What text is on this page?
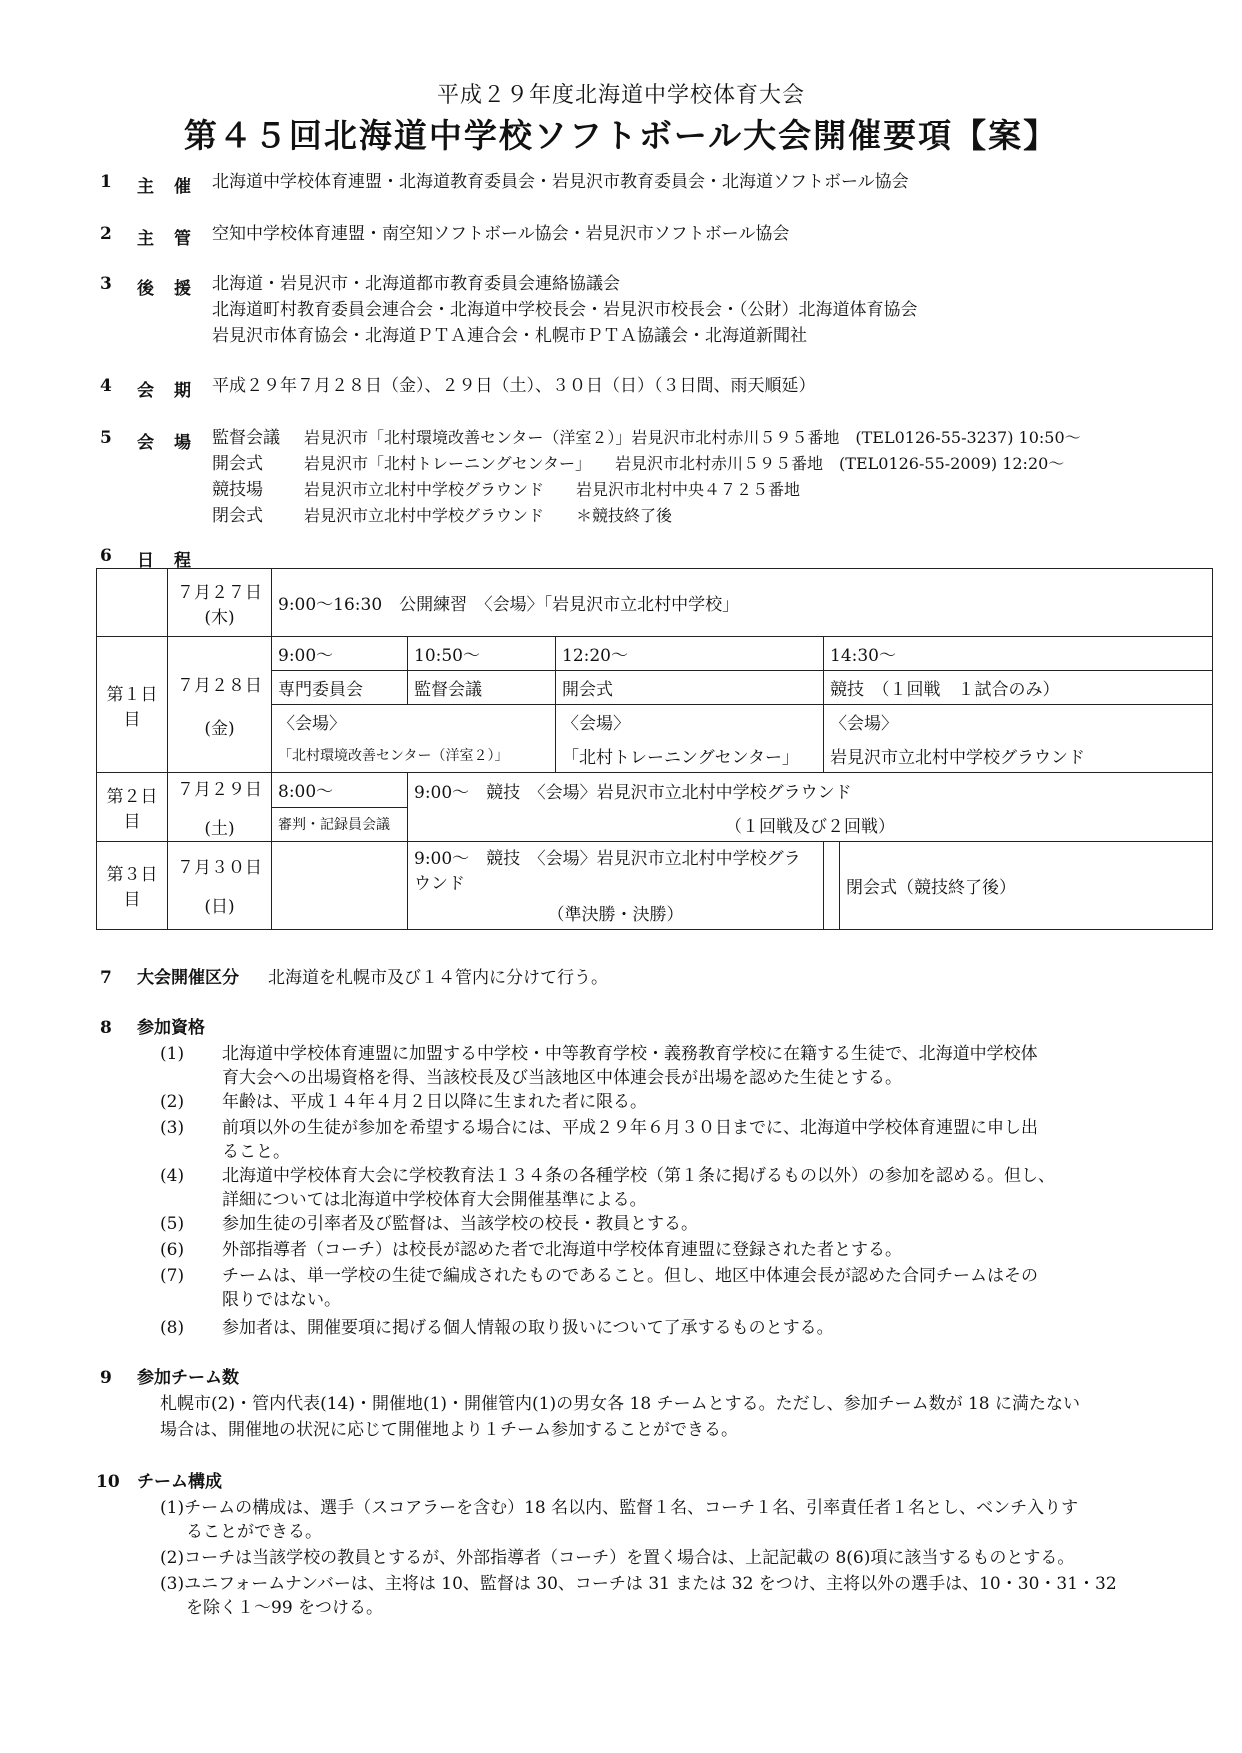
平成２９年度北海道中学校体育大会
第４５回北海道中学校ソフトボール大会開催要項【案】
1 主催 北海道中学校体育連盟・北海道教育委員会・岩見沢市教育委員会・北海道ソフトボール協会
2 主管 空知中学校体育連盟・南空知ソフトボール協会・岩見沢市ソフトボール協会
3 後援 北海道・岩見沢市・北海道都市教育委員会連絡協議会
北海道町村教育委員会連合会・北海道中学校長会・岩見沢市校長会・（公財）北海道体育協会
岩見沢市体育協会・北海道ＰＴＡ連合会・札幌市ＰＴＡ協議会・北海道新聞社
4 会期 平成２９年７月２８日（金）、２９日（土）、３０日（日）（３日間、雨天順延）
5 会場 監督会議 岩見沢市「北村環境改善センター（洋室２）」岩見沢市北村赤川５９５番地　(TEL0126-55-3237) 10:50～
開会式	岩見沢市「北村トレーニングセンター」　　岩見沢市北村赤川５９５番地　(TEL0126-55-2009) 12:20～
競技場	岩見沢市立北村中学校グラウンド　　岩見沢市北村中央４７２５番地
閉会式	岩見沢市立北村中学校グラウンド　　＊競技終了後
6 日程

	７月２７日
(木)	9:00～16:30　公開練習　〈会場〉「岩見沢市立北村中学校」				
第１日目	７月２８日
(金)	9:00～	10:50～	12:20～	14:30～	
		専門委員会	監督会議	開会式	競技　（１回戦　１試合のみ）	
		〈会場〉		〈会場〉	〈会場〉	
		「北村環境改善センター（洋室２）」		「北村トレーニングセンター」	岩見沢市立北村中学校グラウンド	
第２日目	７月２９日
(土)	8:00～	9:00～　競技　〈会場〉岩見沢市立北村中学校グラウンド			
		審判・記録員会議	（１回戦及び２回戦）			
第３日目	７月３０日
(日)		9:00～　競技　〈会場〉岩見沢市立北村中学校グラウンド			閉会式（競技終了後）
			（準決勝・決勝）			
7 大会開催区分 北海道を札幌市及び１４管内に分けて行う。
8 参加資格
(1) 北海道中学校体育連盟に加盟する中学校・中等教育学校・義務教育学校に在籍する生徒で、北海道中学校体
育大会への出場資格を得、当該校長及び当該地区中体連会長が出場を認めた生徒とする。
(2) 年齢は、平成１４年４月２日以降に生まれた者に限る。
(3) 前項以外の生徒が参加を希望する場合には、平成２９年６月３０日までに、北海道中学校体育連盟に申し出
ること。
(4) 北海道中学校体育大会に学校教育法１３４条の各種学校（第１条に掲げるもの以外）の参加を認める。但し、
詳細については北海道中学校体育大会開催基準による。
(5) 参加生徒の引率者及び監督は、当該学校の校長・教員とする。
(6) 外部指導者（コーチ）は校長が認めた者で北海道中学校体育連盟に登録された者とする。
(7) チームは、単一学校の生徒で編成されたものであること。但し、地区中体連会長が認めた合同チームはその
限りではない。
(8) 参加者は、開催要項に掲げる個人情報の取り扱いについて了承するものとする。
9 参加チーム数
札幌市(2)・管内代表(14)・開催地(1)・開催管内(1)の男女各 18 チームとする。ただし、参加チーム数が 18 に満たない
場合は、開催地の状況に応じて開催地より１チーム参加することができる。
10 チーム構成
(1)チームの構成は、選手（スコアラーを含む）18 名以内、監督１名、コーチ１名、引率責任者１名とし、ベンチ入りす
ることができる。
(2)コーチは当該学校の教員とするが、外部指導者（コーチ）を置く場合は、上記記載の 8(6)項に該当するものとする。
(3)ユニフォームナンバーは、主将は 10、監督は 30、コーチは 31 または 32 をつけ、主将以外の選手は、10・30・31・32
を除く１～99 をつける。
